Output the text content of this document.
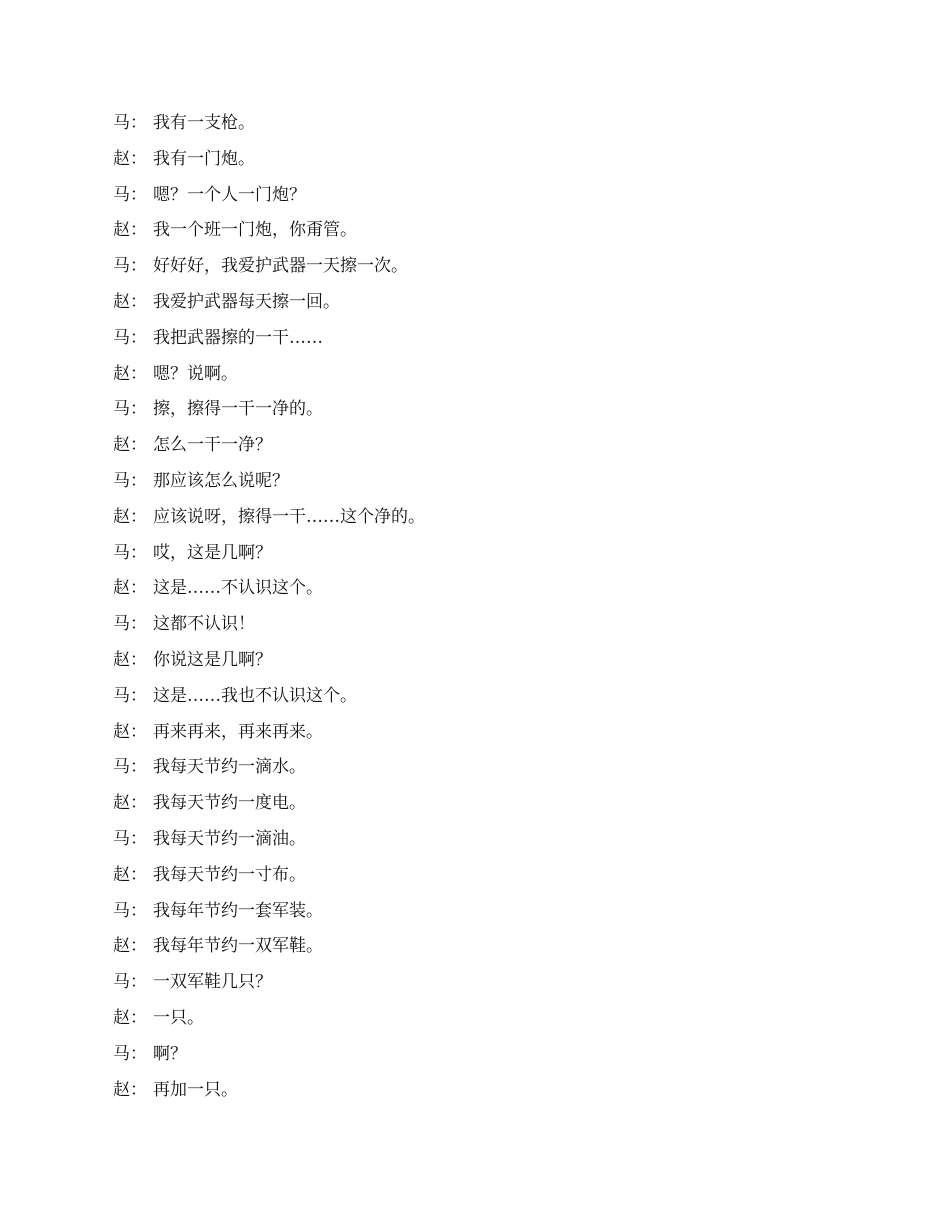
马： 我有一支枪。
赵： 我有一门炮。
马： 嗯？一个人一门炮？
赵： 我一个班一门炮，你甭管。
马： 好好好，我爱护武器一天擦一次。
赵： 我爱护武器每天擦一回。
马： 我把武器擦的一干……
赵： 嗯？说啊。
马： 擦，擦得一干一净的。
赵： 怎么一干一净？
马： 那应该怎么说呢？
赵： 应该说呀，擦得一干……这个净的。
马： 哎，这是几啊？
赵： 这是……不认识这个。
马： 这都不认识！
赵： 你说这是几啊？
马： 这是……我也不认识这个。
赵： 再来再来，再来再来。
马： 我每天节约一滴水。
赵： 我每天节约一度电。
马： 我每天节约一滴油。
赵： 我每天节约一寸布。
马： 我每年节约一套军装。
赵： 我每年节约一双军鞋。
马： 一双军鞋几只？
赵： 一只。
马： 啊？
赵： 再加一只。
